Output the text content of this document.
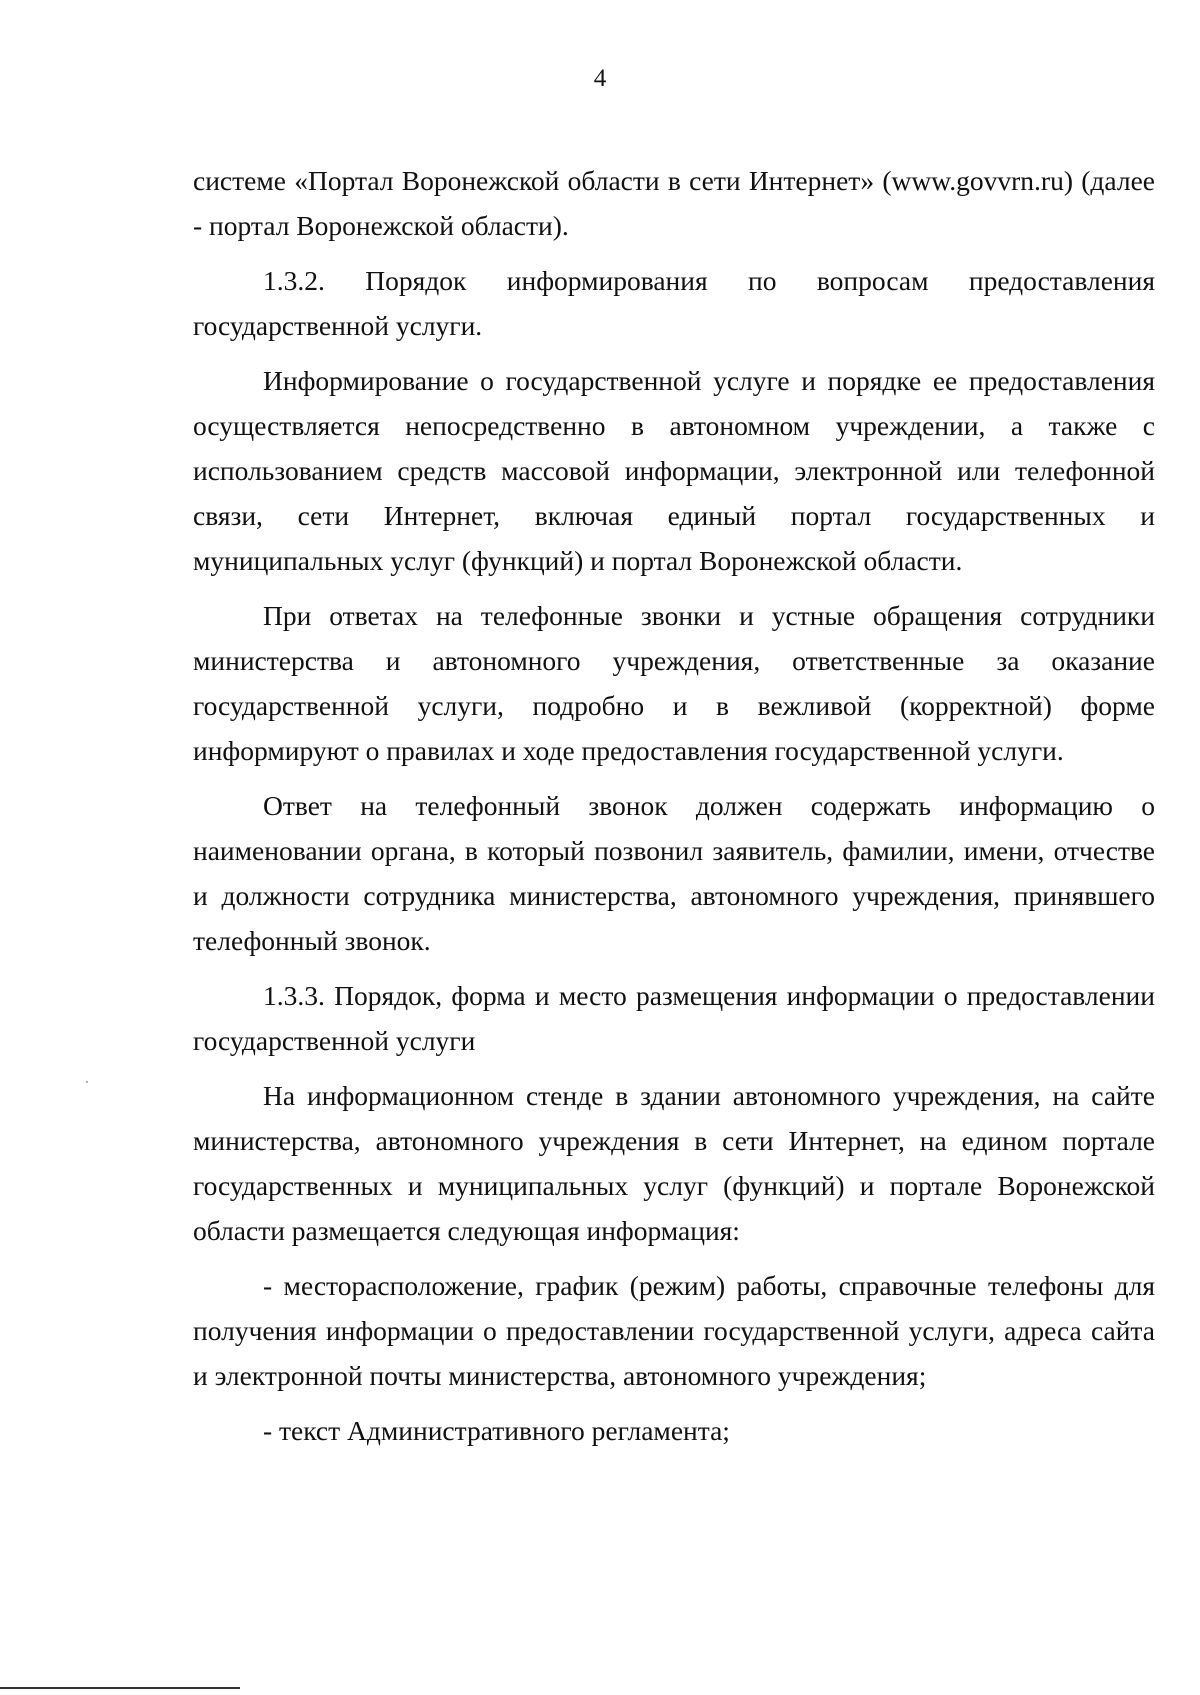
4

системе «Портал Воронежской области в сети Интернет» (www.govvrn.ru) (далее - портал Воронежской области).

1.3.2. Порядок информирования по вопросам предоставления государственной услуги.

Информирование о государственной услуге и порядке ее предоставления осуществляется непосредственно в автономном учреждении, а также с использованием средств массовой информации, электронной или телефонной связи, сети Интернет, включая единый портал государственных и муниципальных услуг (функций) и портал Воронежской области.

При ответах на телефонные звонки и устные обращения сотрудники министерства и автономного учреждения, ответственные за оказание государственной услуги, подробно и в вежливой (корректной) форме информируют о правилах и ходе предоставления государственной услуги.

Ответ на телефонный звонок должен содержать информацию о наименовании органа, в который позвонил заявитель, фамилии, имени, отчестве и должности сотрудника министерства, автономного учреждения, принявшего телефонный звонок.

1.3.3. Порядок, форма и место размещения информации о предоставлении государственной услуги

На информационном стенде в здании автономного учреждения, на сайте министерства, автономного учреждения в сети Интернет, на едином портале государственных и муниципальных услуг (функций) и портале Воронежской области размещается следующая информация:

- месторасположение, график (режим) работы, справочные телефоны для получения информации о предоставлении государственной услуги, адреса сайта и электронной почты министерства, автономного учреждения;

- текст Административного регламента;
